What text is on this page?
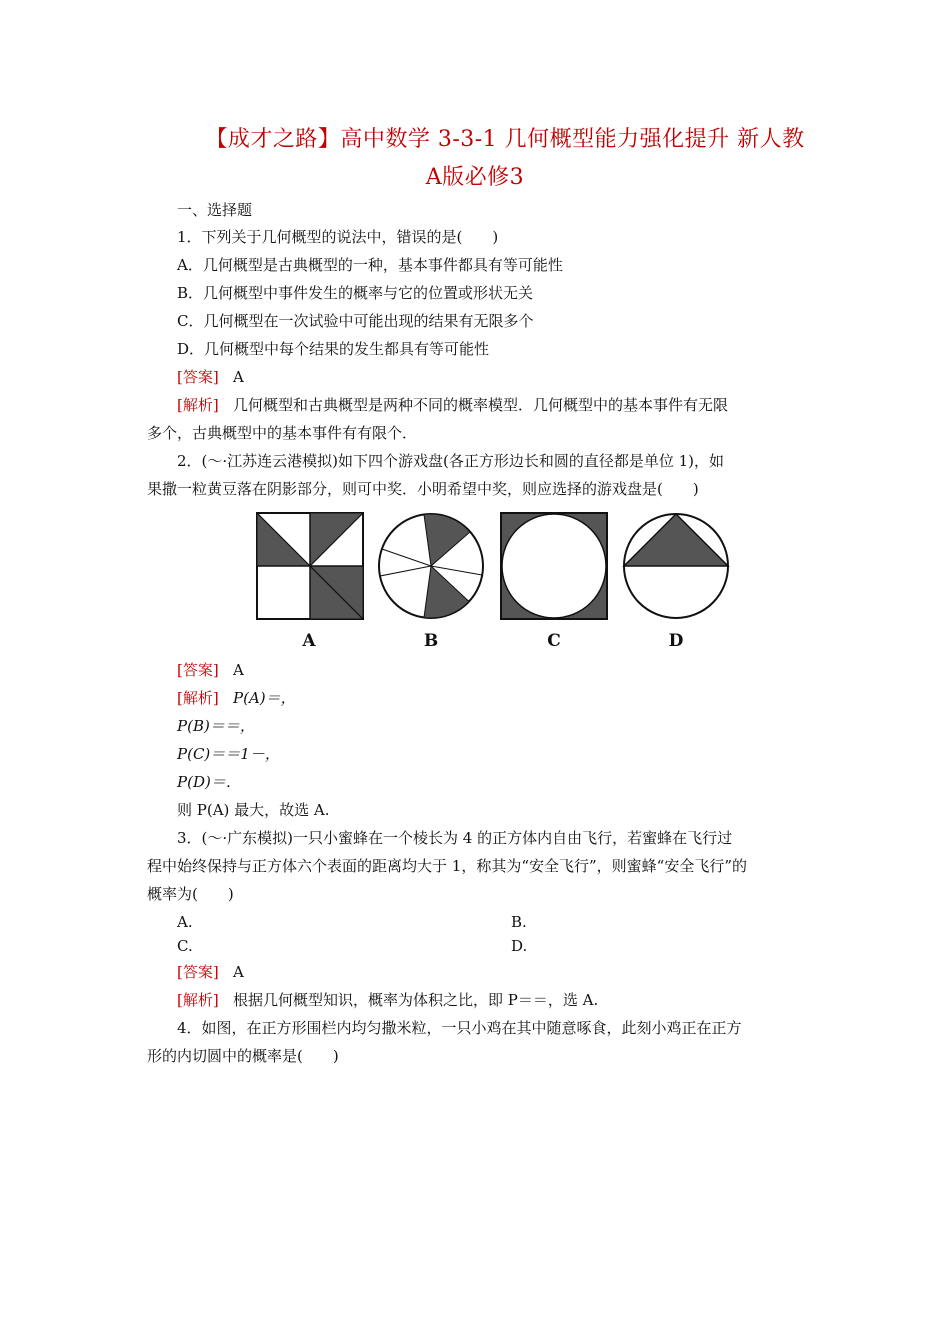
【成才之路】高中数学 3-3-1 几何概型能力强化提升 新人教
A版必修3
一、选择题
1．下列关于几何概型的说法中，错误的是(　　)
A．几何概型是古典概型的一种，基本事件都具有等可能性
B．几何概型中事件发生的概率与它的位置或形状无关
C．几何概型在一次试验中可能出现的结果有无限多个
D．几何概型中每个结果的发生都具有等可能性
[答案] A
[解析] 几何概型和古典概型是两种不同的概率模型．几何概型中的基本事件有无限
多个，古典概型中的基本事件有有限个．
2．(～·江苏连云港模拟)如下四个游戏盘(各正方形边长和圆的直径都是单位 1)，如
果撒一粒黄豆落在阴影部分，则可中奖．小明希望中奖，则应选择的游戏盘是(　　)
A	B	C	D
[答案] A
[解析] P(A)＝，
P(B)＝＝，
P(C)＝＝1－，
P(D)＝．
则 P(A) 最大，故选 A.
3．(～·广东模拟)一只小蜜蜂在一个棱长为 4 的正方体内自由飞行，若蜜蜂在飞行过
程中始终保持与正方体六个表面的距离均大于 1，称其为“安全飞行”，则蜜蜂“安全飞行”的
概率为(　　)
A.	B.
C.	D.
[答案] A
[解析] 根据几何概型知识，概率为体积之比，即 P＝＝，选 A.
4．如图，在正方形围栏内均匀撒米粒，一只小鸡在其中随意啄食，此刻小鸡正在正方
形的内切圆中的概率是(　　)
